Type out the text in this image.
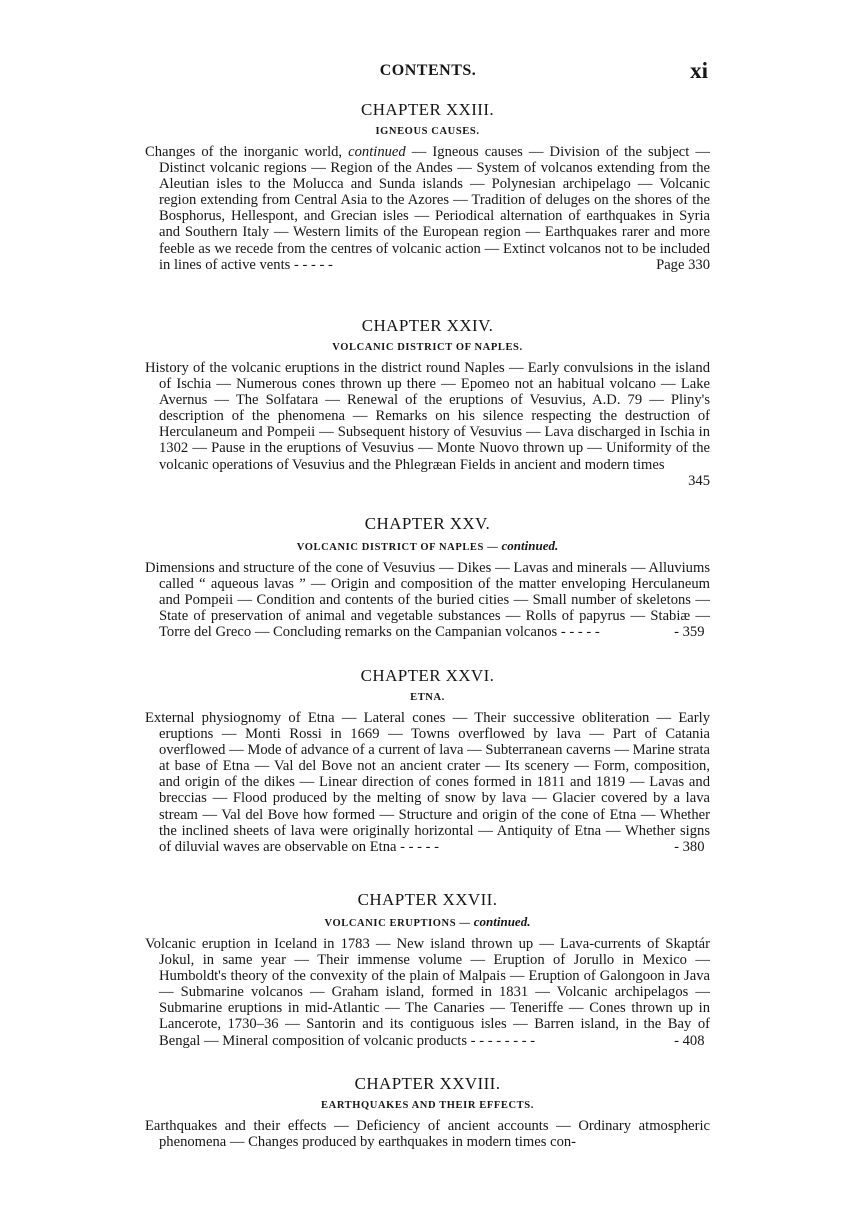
CONTENTS.	xi
CHAPTER XXIII.
IGNEOUS CAUSES.

Changes of the inorganic world, continued — Igneous causes — Division of the subject — Distinct volcanic regions — Region of the Andes — System of volcanos extending from the Aleutian isles to the Molucca and Sunda islands — Polynesian archipelago — Volcanic region extending from Central Asia to the Azores — Tradition of deluges on the shores of the Bosphorus, Hellespont, and Grecian isles — Periodical alternation of earthquakes in Syria and Southern Italy — Western limits of the European region — Earthquakes rarer and more feeble as we recede from the centres of volcanic action — Extinct volcanos not to be included in lines of active vents - - - - -	Page 330

CHAPTER XXIV.
VOLCANIC DISTRICT OF NAPLES.

History of the volcanic eruptions in the district round Naples — Early convulsions in the island of Ischia — Numerous cones thrown up there — Epomeo not an habitual volcano — Lake Avernus — The Solfatara — Renewal of the eruptions of Vesuvius, A.D. 79 — Pliny's description of the phenomena — Remarks on his silence respecting the destruction of Herculaneum and Pompeii — Subsequent history of Vesuvius — Lava discharged in Ischia in 1302 — Pause in the eruptions of Vesuvius — Monte Nuovo thrown up — Uniformity of the volcanic operations of Vesuvius and the Phlegræan Fields in ancient and modern times

345
CHAPTER XXV.
VOLCANIC DISTRICT OF NAPLES — continued.

Dimensions and structure of the cone of Vesuvius — Dikes — Lavas and minerals — Alluviums called “ aqueous lavas ” — Origin and composition of the matter enveloping Herculaneum and Pompeii — Condition and contents of the buried cities — Small number of skeletons — State of preservation of animal and vegetable substances — Rolls of papyrus — Stabiæ — Torre del Greco — Concluding remarks on the Campanian volcanos - - - - -	- 359

CHAPTER XXVI.
ETNA.

External physiognomy of Etna — Lateral cones — Their successive obliteration — Early eruptions — Monti Rossi in 1669 — Towns overflowed by lava — Part of Catania overflowed — Mode of advance of a current of lava — Subterranean caverns — Marine strata at base of Etna — Val del Bove not an ancient crater — Its scenery — Form, composition, and origin of the dikes — Linear direction of cones formed in 1811 and 1819 — Lavas and breccias — Flood produced by the melting of snow by lava — Glacier covered by a lava stream — Val del Bove how formed — Structure and origin of the cone of Etna — Whether the inclined sheets of lava were originally horizontal — Antiquity of Etna — Whether signs of diluvial waves are observable on Etna - - - - -	- 380

CHAPTER XXVII.
VOLCANIC ERUPTIONS — continued.

Volcanic eruption in Iceland in 1783 — New island thrown up — Lava-currents of Skaptár Jokul, in same year — Their immense volume — Eruption of Jorullo in Mexico — Humboldt's theory of the convexity of the plain of Malpais — Eruption of Galongoon in Java — Submarine volcanos — Graham island, formed in 1831 — Volcanic archipelagos — Submarine eruptions in mid-Atlantic — The Canaries — Teneriffe — Cones thrown up in Lancerote, 1730–36 — Santorin and its contiguous isles — Barren island, in the Bay of Bengal — Mineral composition of volcanic products - - - - - - - -	- 408

CHAPTER XXVIII.
EARTHQUAKES AND THEIR EFFECTS.

Earthquakes and their effects — Deficiency of ancient accounts — Ordinary atmospheric phenomena — Changes produced by earthquakes in modern times con-
